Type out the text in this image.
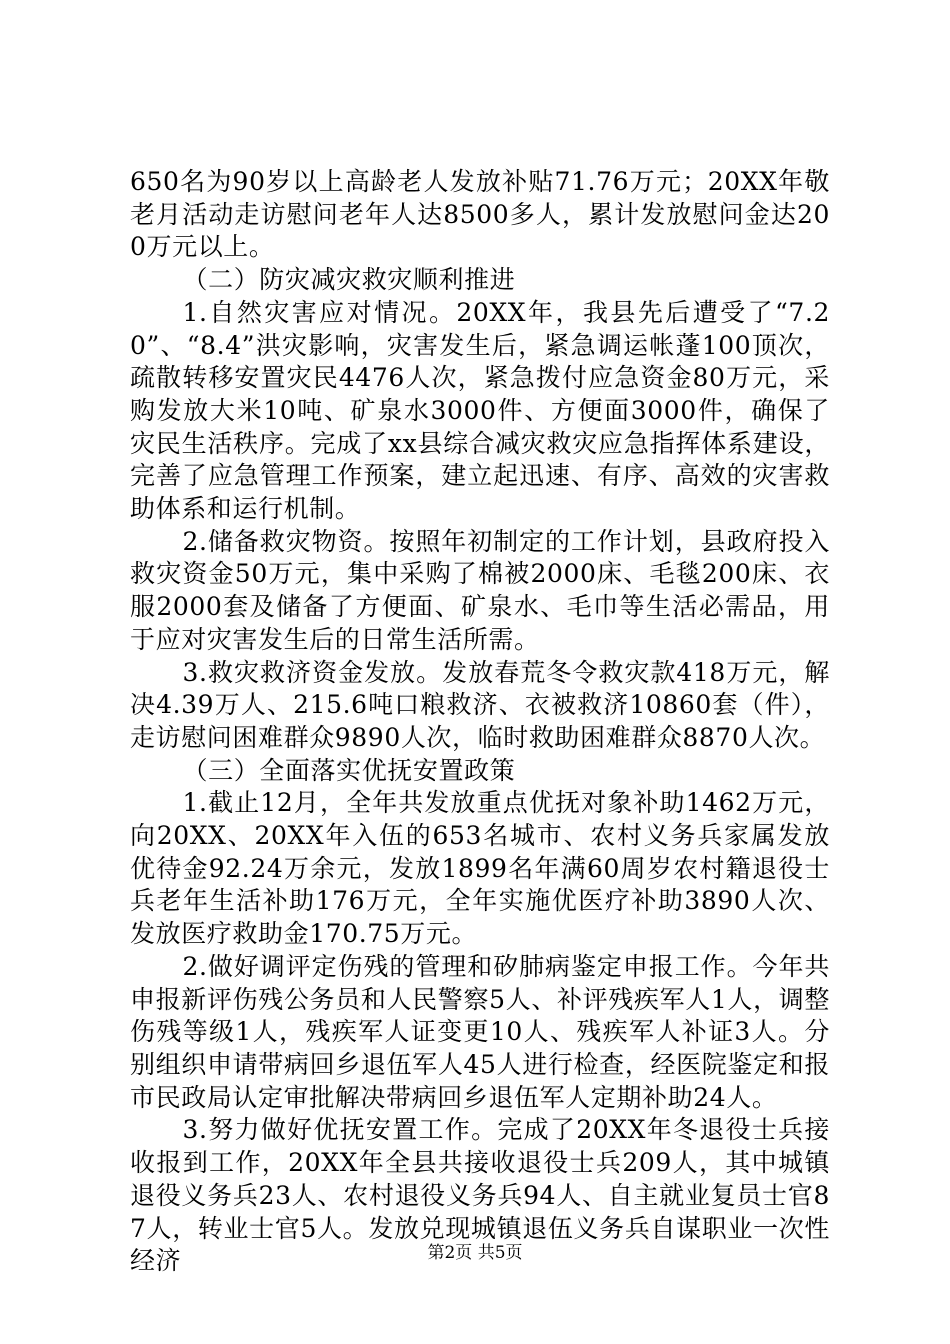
650名为90岁以上高龄老人发放补贴71.76万元；20XX年敬老月活动走访慰问老年人达8500多人，累计发放慰问金达200万元以上。

（二）防灾减灾救灾顺利推进

1.自然灾害应对情况。20XX年，我县先后遭受了“7.20”、“8.4”洪灾影响，灾害发生后，紧急调运帐蓬100顶次，疏散转移安置灾民4476人次，紧急拨付应急资金80万元，采购发放大米10吨、矿泉水3000件、方便面3000件，确保了灾民生活秩序。完成了xx县综合减灾救灾应急指挥体系建设，完善了应急管理工作预案，建立起迅速、有序、高效的灾害救助体系和运行机制。

2.储备救灾物资。按照年初制定的工作计划，县政府投入救灾资金50万元，集中采购了棉被2000床、毛毯200床、衣服2000套及储备了方便面、矿泉水、毛巾等生活必需品，用于应对灾害发生后的日常生活所需。

3.救灾救济资金发放。发放春荒冬令救灾款418万元，解决4.39万人、215.6吨口粮救济、衣被救济10860套（件），走访慰问困难群众9890人次，临时救助困难群众8870人次。

（三）全面落实优抚安置政策

1.截止12月，全年共发放重点优抚对象补助1462万元，向20XX、20XX年入伍的653名城市、农村义务兵家属发放优待金92.24万余元，发放1899名年满60周岁农村籍退役士兵老年生活补助176万元，全年实施优医疗补助3890人次、发放医疗救助金170.75万元。

2.做好调评定伤残的管理和矽肺病鉴定申报工作。今年共申报新评伤残公务员和人民警察5人、补评残疾军人1人，调整伤残等级1人，残疾军人证变更10人、残疾军人补证3人。分别组织申请带病回乡退伍军人45人进行检查，经医院鉴定和报市民政局认定审批解决带病回乡退伍军人定期补助24人。

3.努力做好优抚安置工作。完成了20XX年冬退役士兵接收报到工作，20XX年全县共接收退役士兵209人，其中城镇退役义务兵23人、农村退役义务兵94人、自主就业复员士官87人，转业士官5人。发放兑现城镇退伍义务兵自谋职业一次性经济	第2页 共5页
